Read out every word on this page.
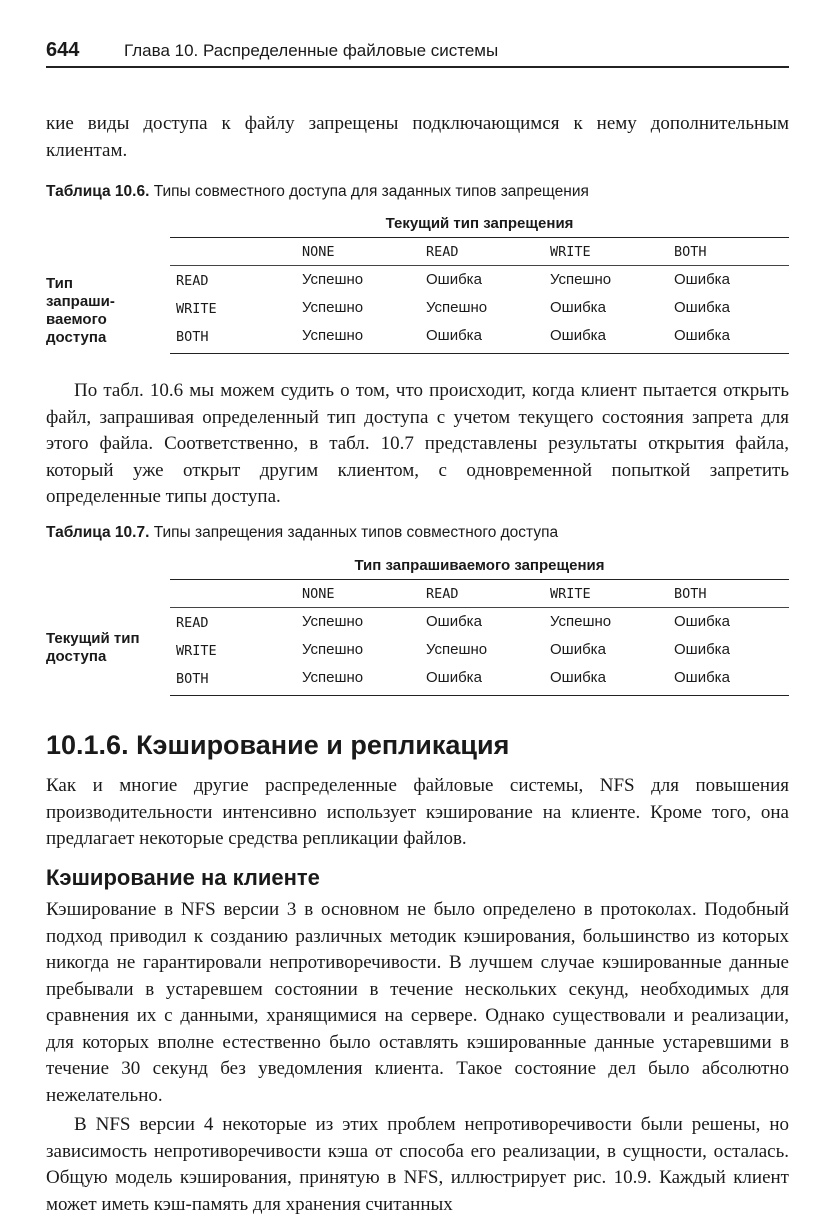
644	Глава 10. Распределенные файловые системы
кие виды доступа к файлу запрещены подключающимся к нему дополнительным клиентам.
Таблица 10.6. Типы совместного доступа для заданных типов запрещения
Текущий тип запрещения
NONE	READ	WRITE	BOTH
Тип
запраши-
ваемого
доступа
READ	Успешно	Ошибка	Успешно	Ошибка
WRITE	Успешно	Успешно	Ошибка	Ошибка
BOTH	Успешно	Ошибка	Ошибка	Ошибка
По табл. 10.6 мы можем судить о том, что происходит, когда клиент пытается открыть файл, запрашивая определенный тип доступа с учетом текущего состояния запрета для этого файла. Соответственно, в табл. 10.7 представлены результаты открытия файла, который уже открыт другим клиентом, с одновременной попыткой запретить определенные типы доступа.
Таблица 10.7. Типы запрещения заданных типов совместного доступа
Тип запрашиваемого запрещения
NONE	READ	WRITE	BOTH
Текущий тип
доступа
READ	Успешно	Ошибка	Успешно	Ошибка
WRITE	Успешно	Успешно	Ошибка	Ошибка
BOTH	Успешно	Ошибка	Ошибка	Ошибка
10.1.6. Кэширование и репликация
Как и многие другие распределенные файловые системы, NFS для повышения производительности интенсивно использует кэширование на клиенте. Кроме того, она предлагает некоторые средства репликации файлов.
Кэширование на клиенте
Кэширование в NFS версии 3 в основном не было определено в протоколах. Подобный подход приводил к созданию различных методик кэширования, большинство из которых никогда не гарантировали непротиворечивости. В лучшем случае кэшированные данные пребывали в устаревшем состоянии в течение нескольких секунд, необходимых для сравнения их с данными, хранящимися на сервере. Однако существовали и реализации, для которых вполне естественно было оставлять кэшированные данные устаревшими в течение 30 секунд без уведомления клиента. Такое состояние дел было абсолютно нежелательно.
В NFS версии 4 некоторые из этих проблем непротиворечивости были решены, но зависимость непротиворечивости кэша от способа его реализации, в сущности, осталась. Общую модель кэширования, принятую в NFS, иллюстрирует рис. 10.9. Каждый клиент может иметь кэш-память для хранения считанных
